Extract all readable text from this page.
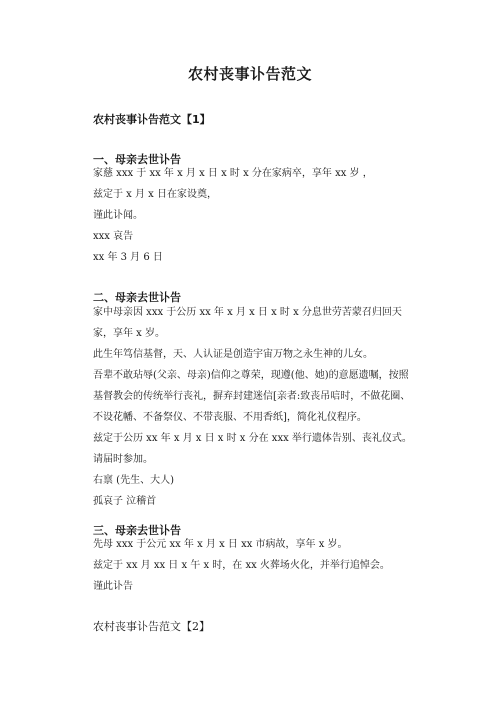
农村丧事讣告范文
农村丧事讣告范文【1】
一、母亲去世讣告
家慈 xxx 于 xx 年 x 月 x 日 x 时 x 分在家病卒，享年 xx 岁 ，
兹定于 x 月 x 日在家设奠，
谨此讣闻。
xxx 哀告
xx 年 3 月 6 日
二、母亲去世讣告
家中母亲因 xxx 于公历 xx 年 x 月 x 日 x 时 x 分息世劳苦蒙召归回天家，享年 x 岁。
此生年笃信基督，天、人认证是创造宇宙万物之永生神的儿女。
吾辈不敢玷辱(父亲、母亲)信仰之尊荣，现遵(他、她)的意愿遗嘱，按照基督教会的传统举行丧礼，摒弃封建迷信[亲者:致丧吊唁时，不做花圈、不设花幡、不备祭仪、不带丧服、不用香纸]，简化礼仪程序。
兹定于公历 xx 年 x 月 x 日 x 时 x 分在 xxx 举行遗体告别、丧礼仪式。
请届时参加。
右禀 (先生、大人)
孤哀子 泣稽首
三、母亲去世讣告
先母 xxx 于公元 xx 年 x 月 x 日 xx 市病故，享年 x 岁。
兹定于 xx 月 xx 日 x 午 x 时，在 xx 火葬场火化，并举行追悼会。
谨此讣告
农村丧事讣告范文【2】
